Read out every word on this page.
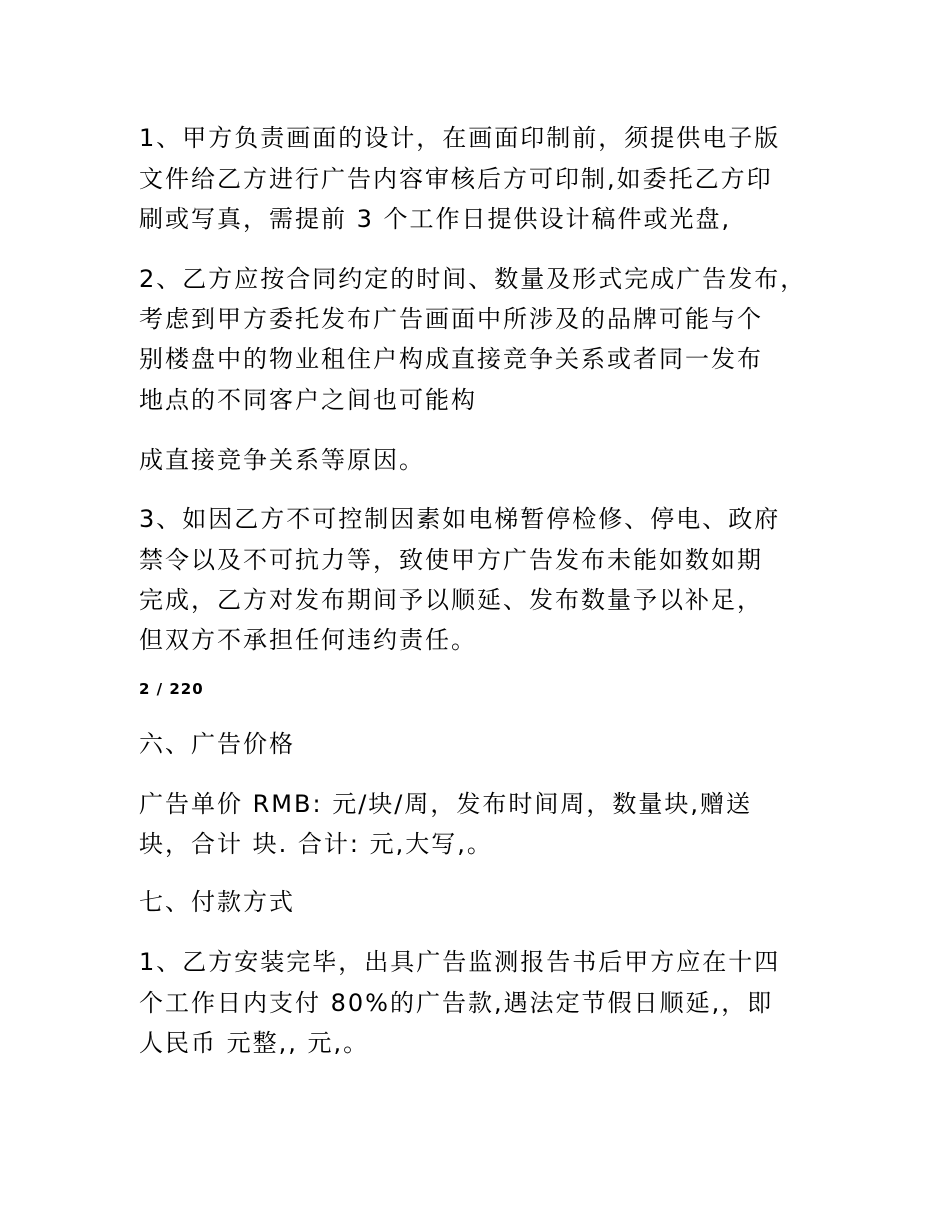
1、甲方负责画面的设计，在画面印制前，须提供电子版
文件给乙方进行广告内容审核后方可印制,如委托乙方印
刷或写真，需提前 3 个工作日提供设计稿件或光盘,
2、乙方应按合同约定的时间、数量及形式完成广告发布，
考虑到甲方委托发布广告画面中所涉及的品牌可能与个
别楼盘中的物业租住户构成直接竞争关系或者同一发布
地点的不同客户之间也可能构
成直接竞争关系等原因。
3、如因乙方不可控制因素如电梯暂停检修、停电、政府
禁令以及不可抗力等，致使甲方广告发布未能如数如期
完成，乙方对发布期间予以顺延、发布数量予以补足，
但双方不承担任何违约责任。
2 / 220
六、广告价格
广告单价 RMB: 元/块/周，发布时间周，数量块,赠送
块，合计 块. 合计: 元,大写,。
七、付款方式
1、乙方安装完毕，出具广告监测报告书后甲方应在十四
个工作日内支付 80%的广告款,遇法定节假日顺延,，即
人民币 元整,, 元,。
